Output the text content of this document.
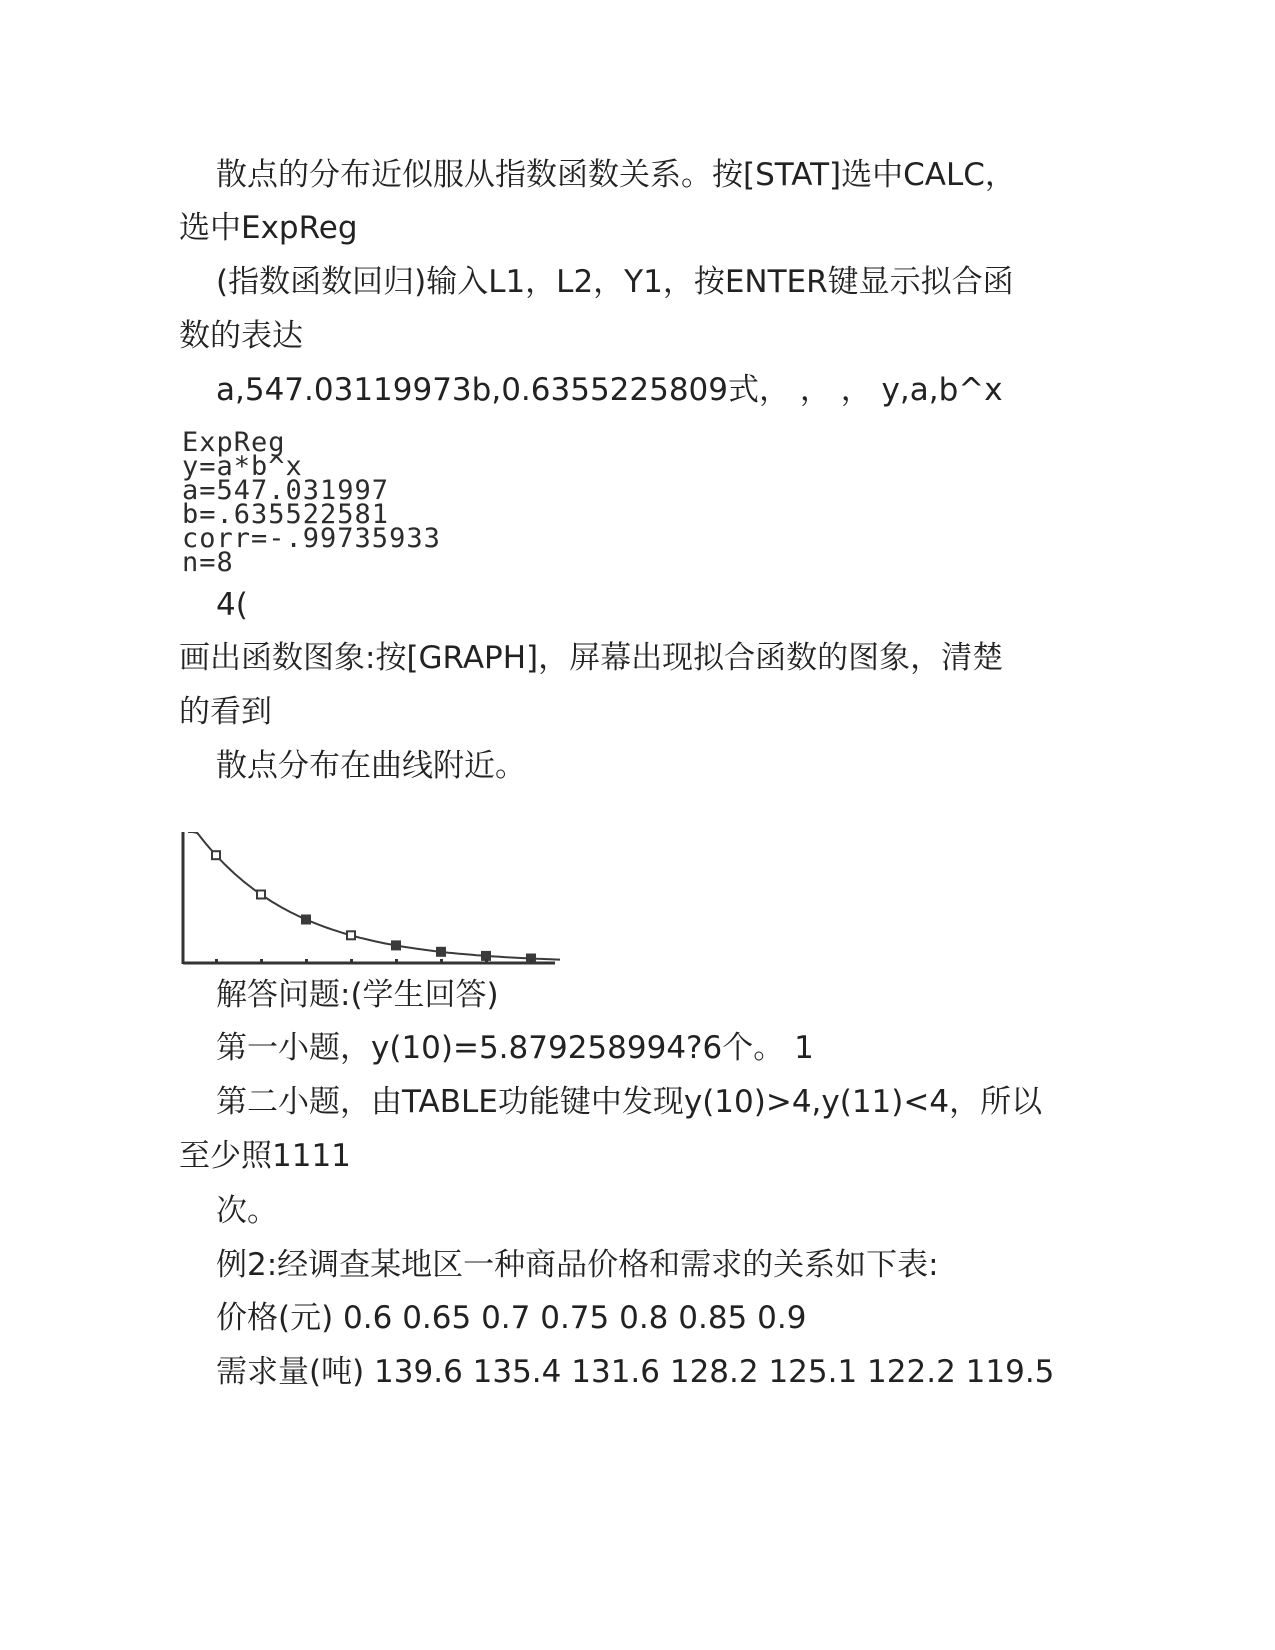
散点的分布近似服从指数函数关系。按[STAT]选中CALC，
选中ExpReg
(指数函数回归)输入L1，L2，Y1，按ENTER键显示拟合函
数的表达
a,547.03119973b,0.6355225809式， ， ， y,a,b^x
ExpReg
y=a*b^x
a=547.031997
b=.635522581
corr=-.99735933
n=8
4(
画出函数图象:按[GRAPH]，屏幕出现拟合函数的图象，清楚
的看到
散点分布在曲线附近。
解答问题:(学生回答)
第一小题，y(10)=5.879258994?6个。 1
第二小题，由TABLE功能键中发现y(10)>4,y(11)<4，所以
至少照1111
次。
例2:经调查某地区一种商品价格和需求的关系如下表:
价格(元) 0.6 0.65 0.7 0.75 0.8 0.85 0.9
需求量(吨) 139.6 135.4 131.6 128.2 125.1 122.2 119.5
